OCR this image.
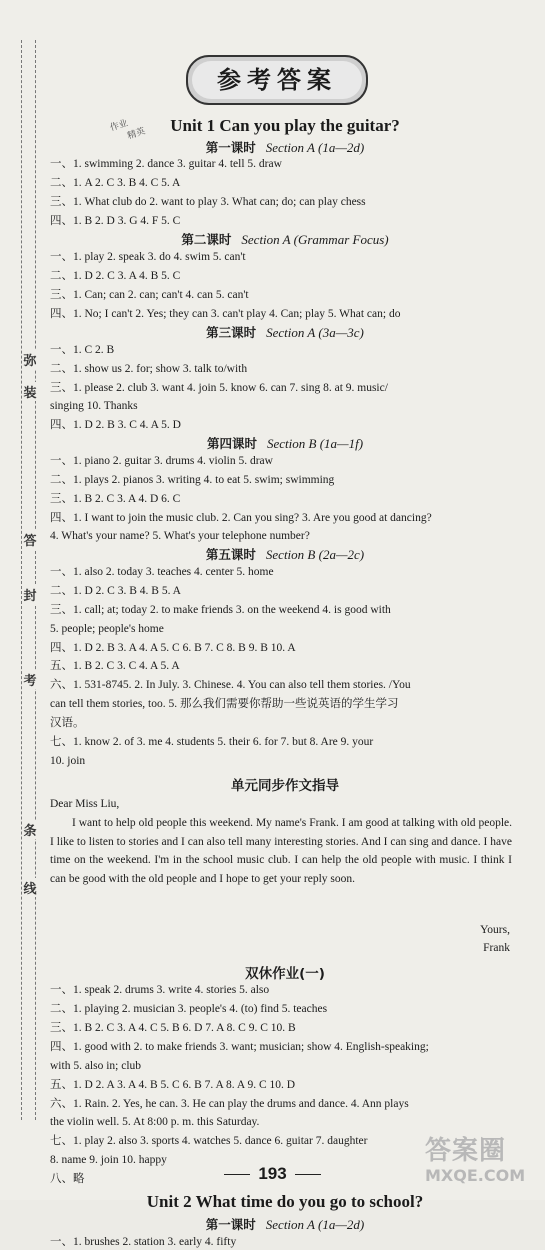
弥
装
答
封
考
条
线
参考答案
作业
精英	Unit 1 Can you play the guitar?
第一课时 Section A (1a—2d)
一、1. swimming 2. dance 3. guitar 4. tell 5. draw
二、1. A 2. C 3. B 4. C 5. A
三、1. What club do 2. want to play 3. What can; do; can play chess
四、1. B 2. D 3. G 4. F 5. C
第二课时 Section A (Grammar Focus)
一、1. play 2. speak 3. do 4. swim 5. can't
二、1. D 2. C 3. A 4. B 5. C
三、1. Can; can 2. can; can't 4. can 5. can't
四、1. No; I can't 2. Yes; they can 3. can't play 4. Can; play 5. What can; do
第三课时 Section A (3a—3c)
一、1. C 2. B
二、1. show us 2. for; show 3. talk to/with
三、1. please 2. club 3. want 4. join 5. know 6. can 7. sing 8. at 9. music/
singing 10. Thanks
四、1. D 2. B 3. C 4. A 5. D
第四课时 Section B (1a—1f)
一、1. piano 2. guitar 3. drums 4. violin 5. draw
二、1. plays 2. pianos 3. writing 4. to eat 5. swim; swimming
三、1. B 2. C 3. A 4. D 6. C
四、1. I want to join the music club. 2. Can you sing? 3. Are you good at dancing?
4. What's your name? 5. What's your telephone number?
第五课时 Section B (2a—2c)
一、1. also 2. today 3. teaches 4. center 5. home
二、1. D 2. C 3. B 4. B 5. A
三、1. call; at; today 2. to make friends 3. on the weekend 4. is good with
5. people; people's home
四、1. D 2. B 3. A 4. A 5. C 6. B 7. C 8. B 9. B 10. A
五、1. B 2. C 3. C 4. A 5. A
六、1. 531-8745. 2. In July. 3. Chinese. 4. You can also tell them stories. /You
can tell them stories, too. 5. 那么我们需要你帮助一些说英语的学生学习
汉语。
七、1. know 2. of 3. me 4. students 5. their 6. for 7. but 8. Are 9. your
10. join
单元同步作文指导
Dear Miss Liu,

I want to help old people this weekend. My name's Frank. I am good at talking with old people. I like to listen to stories and I can also tell many interesting stories. And I can sing and dance. I have time on the weekend. I'm in the school music club. I can help the old people with music. I think I can be good with the old people and I hope to get your reply soon.

Yours,
Frank
双休作业(一)
一、1. speak 2. drums 3. write 4. stories 5. also
二、1. playing 2. musician 3. people's 4. (to) find 5. teaches
三、1. B 2. C 3. A 4. C 5. B 6. D 7. A 8. C 9. C 10. B
四、1. good with 2. to make friends 3. want; musician; show 4. English-speaking;
with 5. also in; club
五、1. D 2. A 3. A 4. B 5. C 6. B 7. A 8. A 9. C 10. D
六、1. Rain. 2. Yes, he can. 3. He can play the drums and dance. 4. Ann plays
the violin well. 5. At 8:00 p. m. this Saturday.
七、1. play 2. also 3. sports 4. watches 5. dance 6. guitar 7. daughter
8. name 9. join 10. happy
八、略
Unit 2 What time do you go to school?
第一课时 Section A (1a—2d)
一、1. brushes 2. station 3. early 4. fifty
193
答案圈
MXQE.COM
